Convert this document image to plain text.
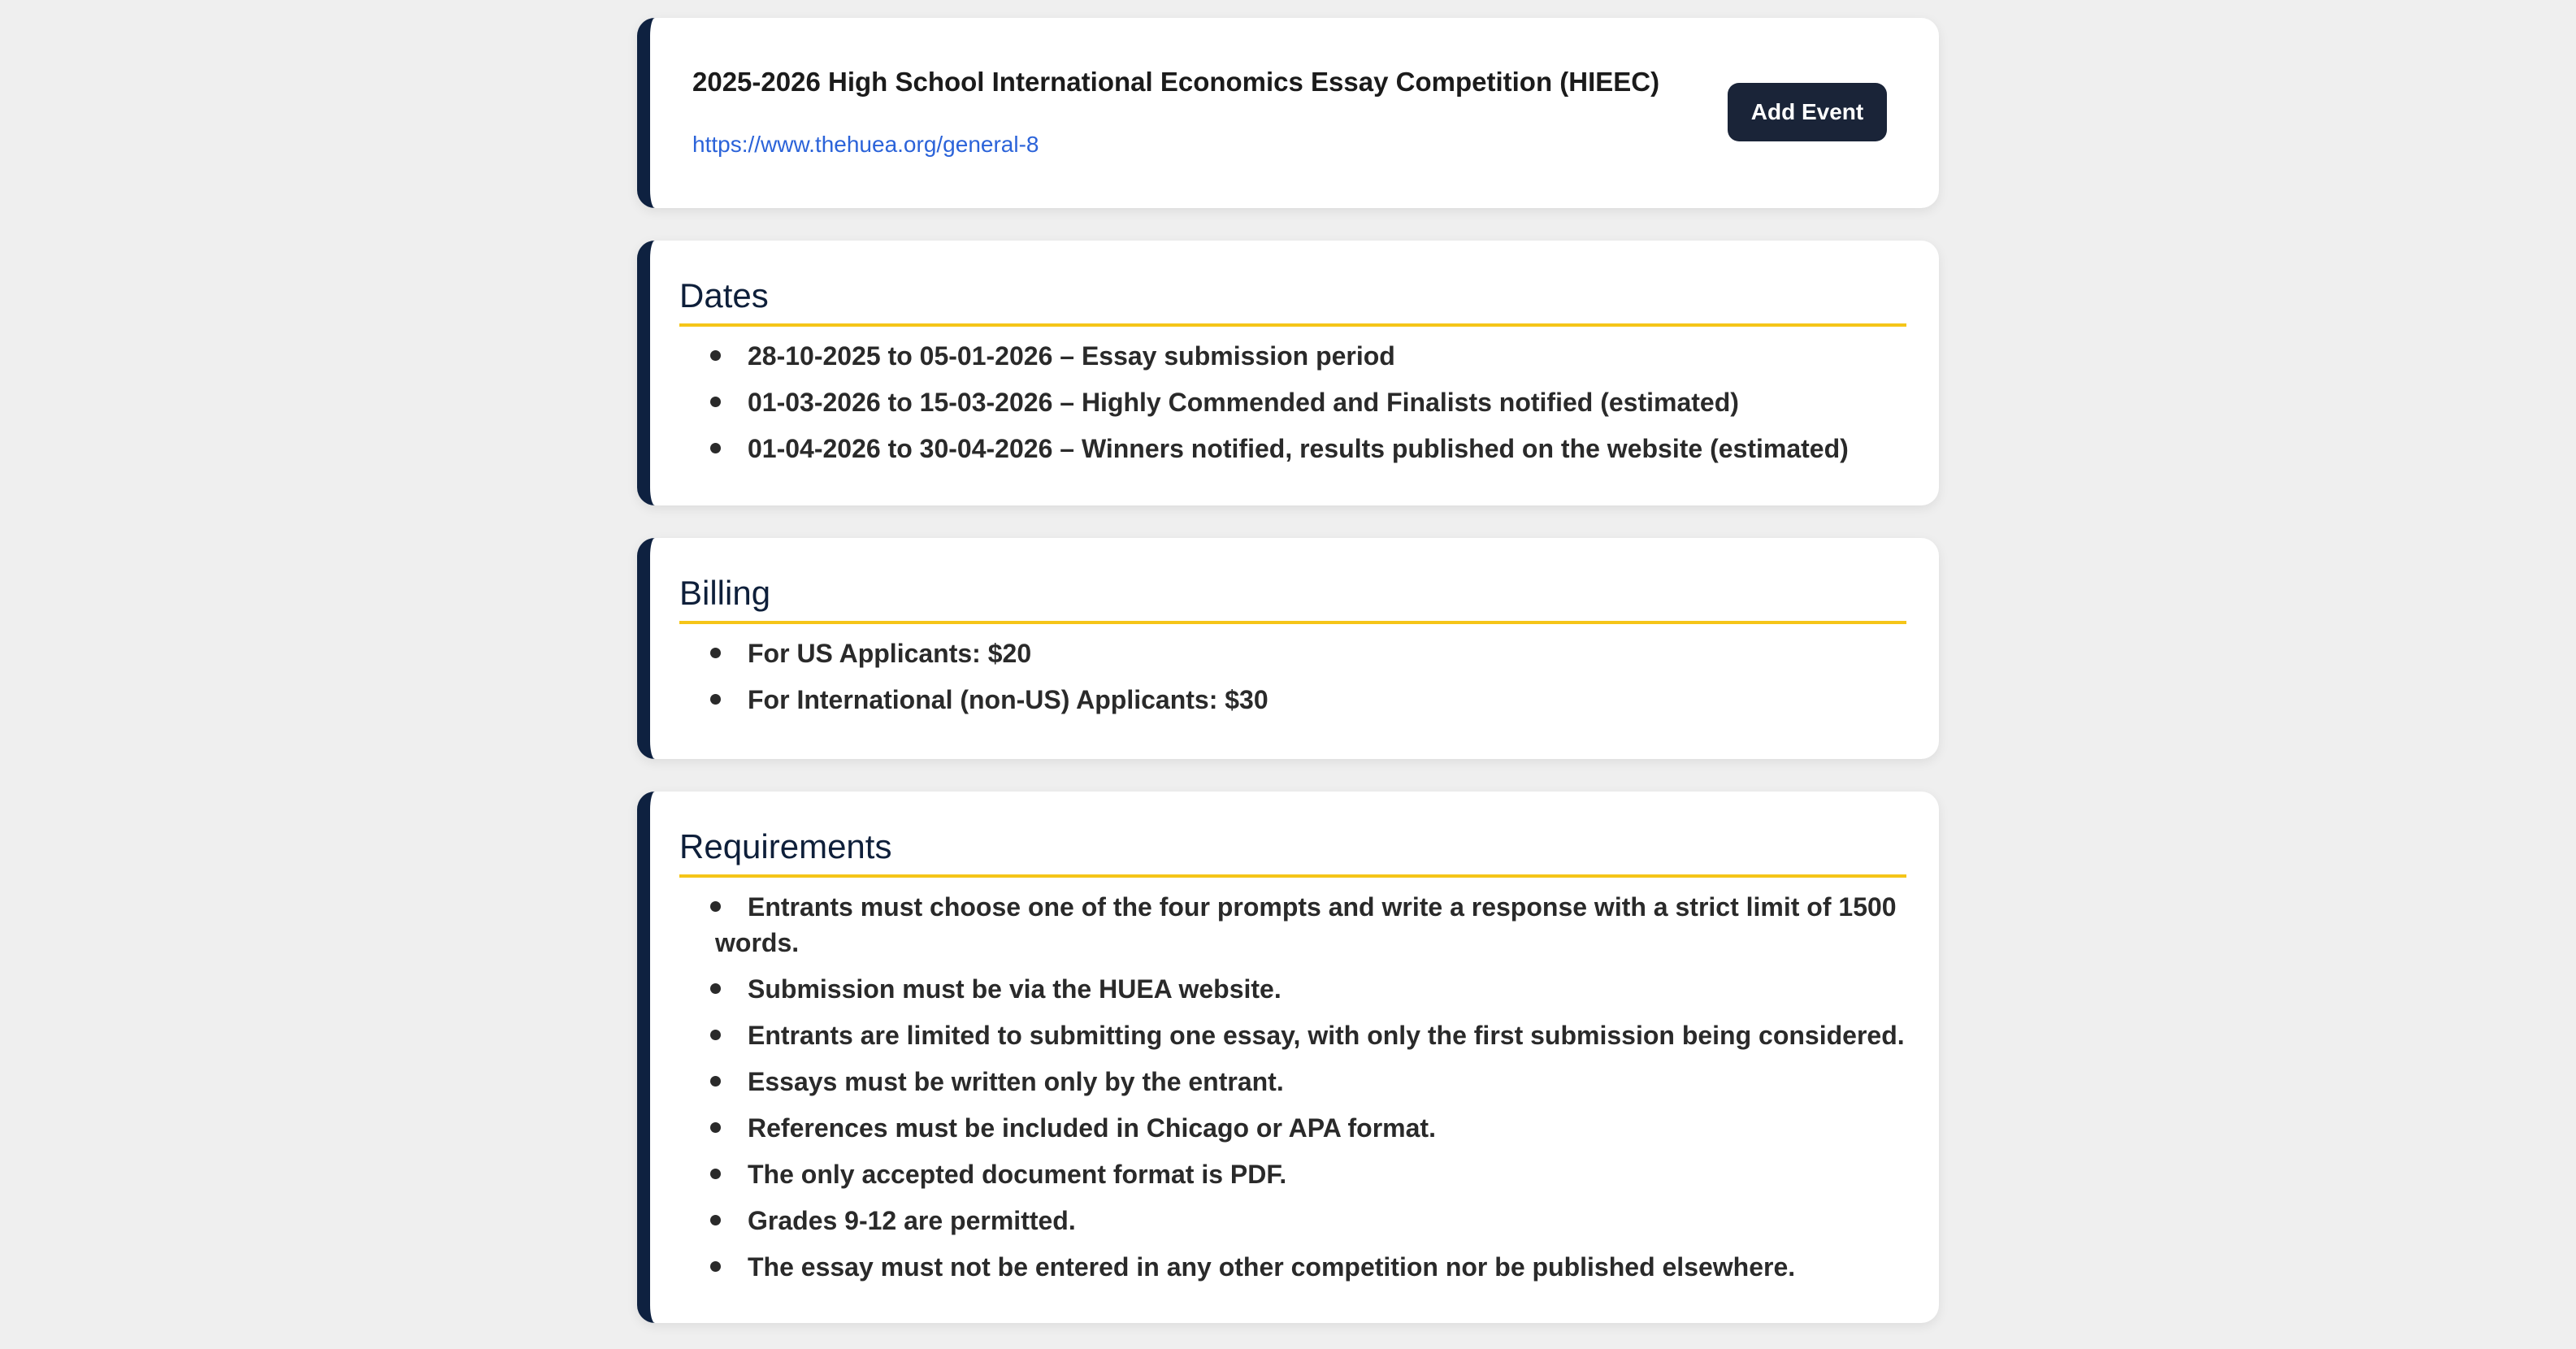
2025-2026 High School International Economics Essay Competition (HIEEC)
https://www.thehuea.org/general-8
Add Event
Dates
28-10-2025 to 05-01-2026 – Essay submission period
01-03-2026 to 15-03-2026 – Highly Commended and Finalists notified (estimated)
01-04-2026 to 30-04-2026 – Winners notified, results published on the website (estimated)
Billing
For US Applicants: $20
For International (non-US) Applicants: $30
Requirements
Entrants must choose one of the four prompts and write a response with a strict limit of 1500 words.
Submission must be via the HUEA website.
Entrants are limited to submitting one essay, with only the first submission being considered.
Essays must be written only by the entrant.
References must be included in Chicago or APA format.
The only accepted document format is PDF.
Grades 9-12 are permitted.
The essay must not be entered in any other competition nor be published elsewhere.
